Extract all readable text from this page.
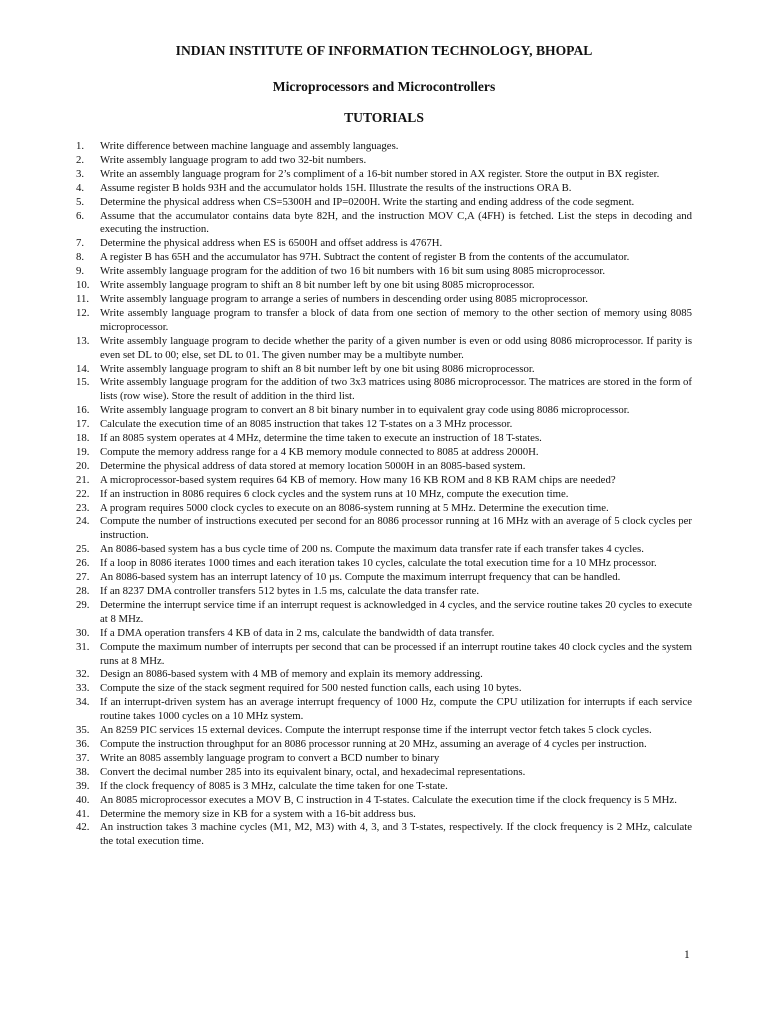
INDIAN INSTITUTE OF INFORMATION TECHNOLOGY, BHOPAL
Microprocessors and Microcontrollers
TUTORIALS
1.	Write difference between machine language and assembly languages.
2.	Write assembly language program to add two 32-bit numbers.
3.	Write an assembly language program for 2’s compliment of a 16-bit number stored in AX register. Store the output in BX register.
4.	Assume register B holds 93H and the accumulator holds 15H. Illustrate the results of the instructions ORA B.
5.	Determine the physical address when CS=5300H and IP=0200H. Write the starting and ending address of the code segment.
6.	Assume that the accumulator contains data byte 82H, and the instruction MOV C,A (4FH) is fetched. List the steps in decoding and executing the instruction.
7.	Determine the physical address when ES is 6500H and offset address is 4767H.
8.	A register B has 65H and the accumulator has 97H. Subtract the content of register B from the contents of the accumulator.
9.	Write assembly language program for the addition of two 16 bit numbers with 16 bit sum using 8085 microprocessor.
10. Write assembly language program to shift an 8 bit number left by one bit using 8085 microprocessor.
11.	Write assembly language program to arrange a series of numbers in descending order using 8085 microprocessor.
12. Write assembly language program to transfer a block of data from one section of memory to the other section of memory using 8085 microprocessor.
13. Write assembly language program to decide whether the parity of a given number is even or odd using 8086 microprocessor. If parity is even set DL to 00; else, set DL to 01. The given number may be a multibyte number.
14. Write assembly language program to shift an 8 bit number left by one bit using 8086 microprocessor.
15. Write assembly language program for the addition of two 3x3 matrices using 8086 microprocessor. The matrices are stored in the form of lists (row wise). Store the result of addition in the third list.
16. Write assembly language program to convert an 8 bit binary number in to equivalent gray code using 8086 microprocessor.
17. Calculate the execution time of an 8085 instruction that takes 12 T-states on a 3 MHz processor.
18. If an 8085 system operates at 4 MHz, determine the time taken to execute an instruction of 18 T-states.
19. Compute the memory address range for a 4 KB memory module connected to 8085 at address 2000H.
20. Determine the physical address of data stored at memory location 5000H in an 8085-based system.
21. A microprocessor-based system requires 64 KB of memory. How many 16 KB ROM and 8 KB RAM chips are needed?
22. If an instruction in 8086 requires 6 clock cycles and the system runs at 10 MHz, compute the execution time.
23. A program requires 5000 clock cycles to execute on an 8086-system running at 5 MHz. Determine the execution time.
24. Compute the number of instructions executed per second for an 8086 processor running at 16 MHz with an average of 5 clock cycles per instruction.
25. An 8086-based system has a bus cycle time of 200 ns. Compute the maximum data transfer rate if each transfer takes 4 cycles.
26. If a loop in 8086 iterates 1000 times and each iteration takes 10 cycles, calculate the total execution time for a 10 MHz processor.
27. An 8086-based system has an interrupt latency of 10 µs. Compute the maximum interrupt frequency that can be handled.
28. If an 8237 DMA controller transfers 512 bytes in 1.5 ms, calculate the data transfer rate.
29. Determine the interrupt service time if an interrupt request is acknowledged in 4 cycles, and the service routine takes 20 cycles to execute at 8 MHz.
30. If a DMA operation transfers 4 KB of data in 2 ms, calculate the bandwidth of data transfer.
31. Compute the maximum number of interrupts per second that can be processed if an interrupt routine takes 40 clock cycles and the system runs at 8 MHz.
32. Design an 8086-based system with 4 MB of memory and explain its memory addressing.
33. Compute the size of the stack segment required for 500 nested function calls, each using 10 bytes.
34. If an interrupt-driven system has an average interrupt frequency of 1000 Hz, compute the CPU utilization for interrupts if each service routine takes 1000 cycles on a 10 MHz system.
35. An 8259 PIC services 15 external devices. Compute the interrupt response time if the interrupt vector fetch takes 5 clock cycles.
36. Compute the instruction throughput for an 8086 processor running at 20 MHz, assuming an average of 4 cycles per instruction.
37. Write an 8085 assembly language program to convert a BCD number to binary
38. Convert the decimal number 285 into its equivalent binary, octal, and hexadecimal representations.
39. If the clock frequency of 8085 is 3 MHz, calculate the time taken for one T-state.
40. An 8085 microprocessor executes a MOV B, C instruction in 4 T-states. Calculate the execution time if the clock frequency is 5 MHz.
41. Determine the memory size in KB for a system with a 16-bit address bus.
42. An instruction takes 3 machine cycles (M1, M2, M3) with 4, 3, and 3 T-states, respectively. If the clock frequency is 2 MHz, calculate the total execution time.
1
